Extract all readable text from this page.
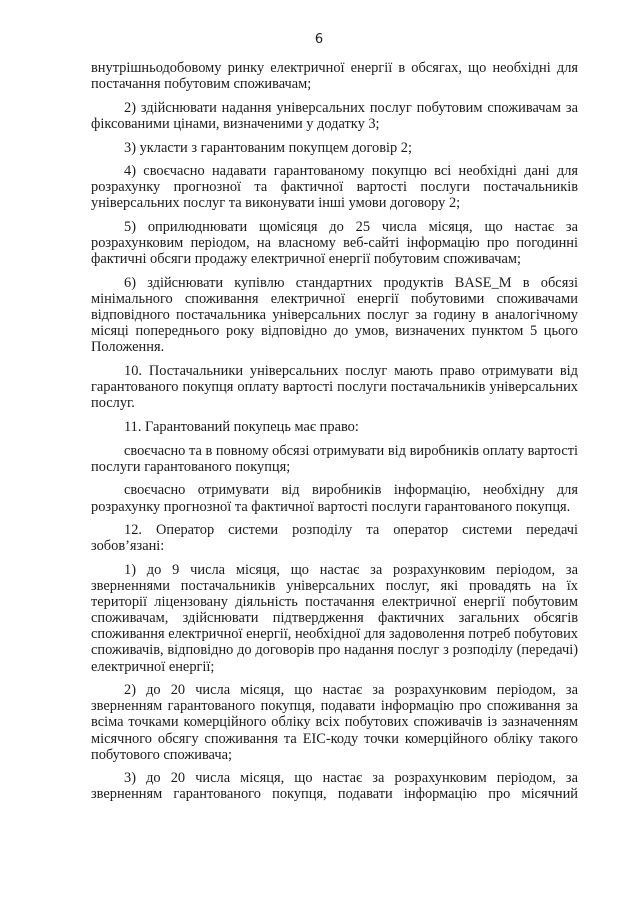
6

внутрішньодобовому ринку електричної енергії в обсягах, що необхідні для постачання побутовим споживачам;

2) здійснювати надання універсальних послуг побутовим споживачам за фіксованими цінами, визначеними у додатку 3;

3) укласти з гарантованим покупцем договір 2;

4) своєчасно надавати гарантованому покупцю всі необхідні дані для розрахунку прогнозної та фактичної вартості послуги постачальників універсальних послуг та виконувати інші умови договору 2;

5) оприлюднювати щомісяця до 25 числа місяця, що настає за розрахунковим періодом, на власному веб-сайті інформацію про погодинні фактичні обсяги продажу електричної енергії побутовим споживачам;

6) здійснювати купівлю стандартних продуктів BASE_M в обсязі мінімального споживання електричної енергії побутовими споживачами відповідного постачальника універсальних послуг за годину в аналогічному місяці попереднього року відповідно до умов, визначених пунктом 5 цього Положення.

10. Постачальники універсальних послуг мають право отримувати від гарантованого покупця оплату вартості послуги постачальників універсальних послуг.

11. Гарантований покупець має право:

своєчасно та в повному обсязі отримувати від виробників оплату вартості послуги гарантованого покупця;

своєчасно отримувати від виробників інформацію, необхідну для розрахунку прогнозної та фактичної вартості послуги гарантованого покупця.

12. Оператор системи розподілу та оператор системи передачі зобов’язані:

1) до 9 числа місяця, що настає за розрахунковим періодом, за зверненнями постачальників універсальних послуг, які провадять на їх території ліцензовану діяльність постачання електричної енергії побутовим споживачам, здійснювати підтвердження фактичних загальних обсягів споживання електричної енергії, необхідної для задоволення потреб побутових споживачів, відповідно до договорів про надання послуг з розподілу (передачі) електричної енергії;

2) до 20 числа місяця, що настає за розрахунковим періодом, за зверненням гарантованого покупця, подавати інформацію про споживання за всіма точками комерційного обліку всіх побутових споживачів із зазначенням місячного обсягу споживання та EIC-коду точки комерційного обліку такого побутового споживача;

3) до 20 числа місяця, що настає за розрахунковим періодом, за зверненням гарантованого покупця, подавати інформацію про місячний
